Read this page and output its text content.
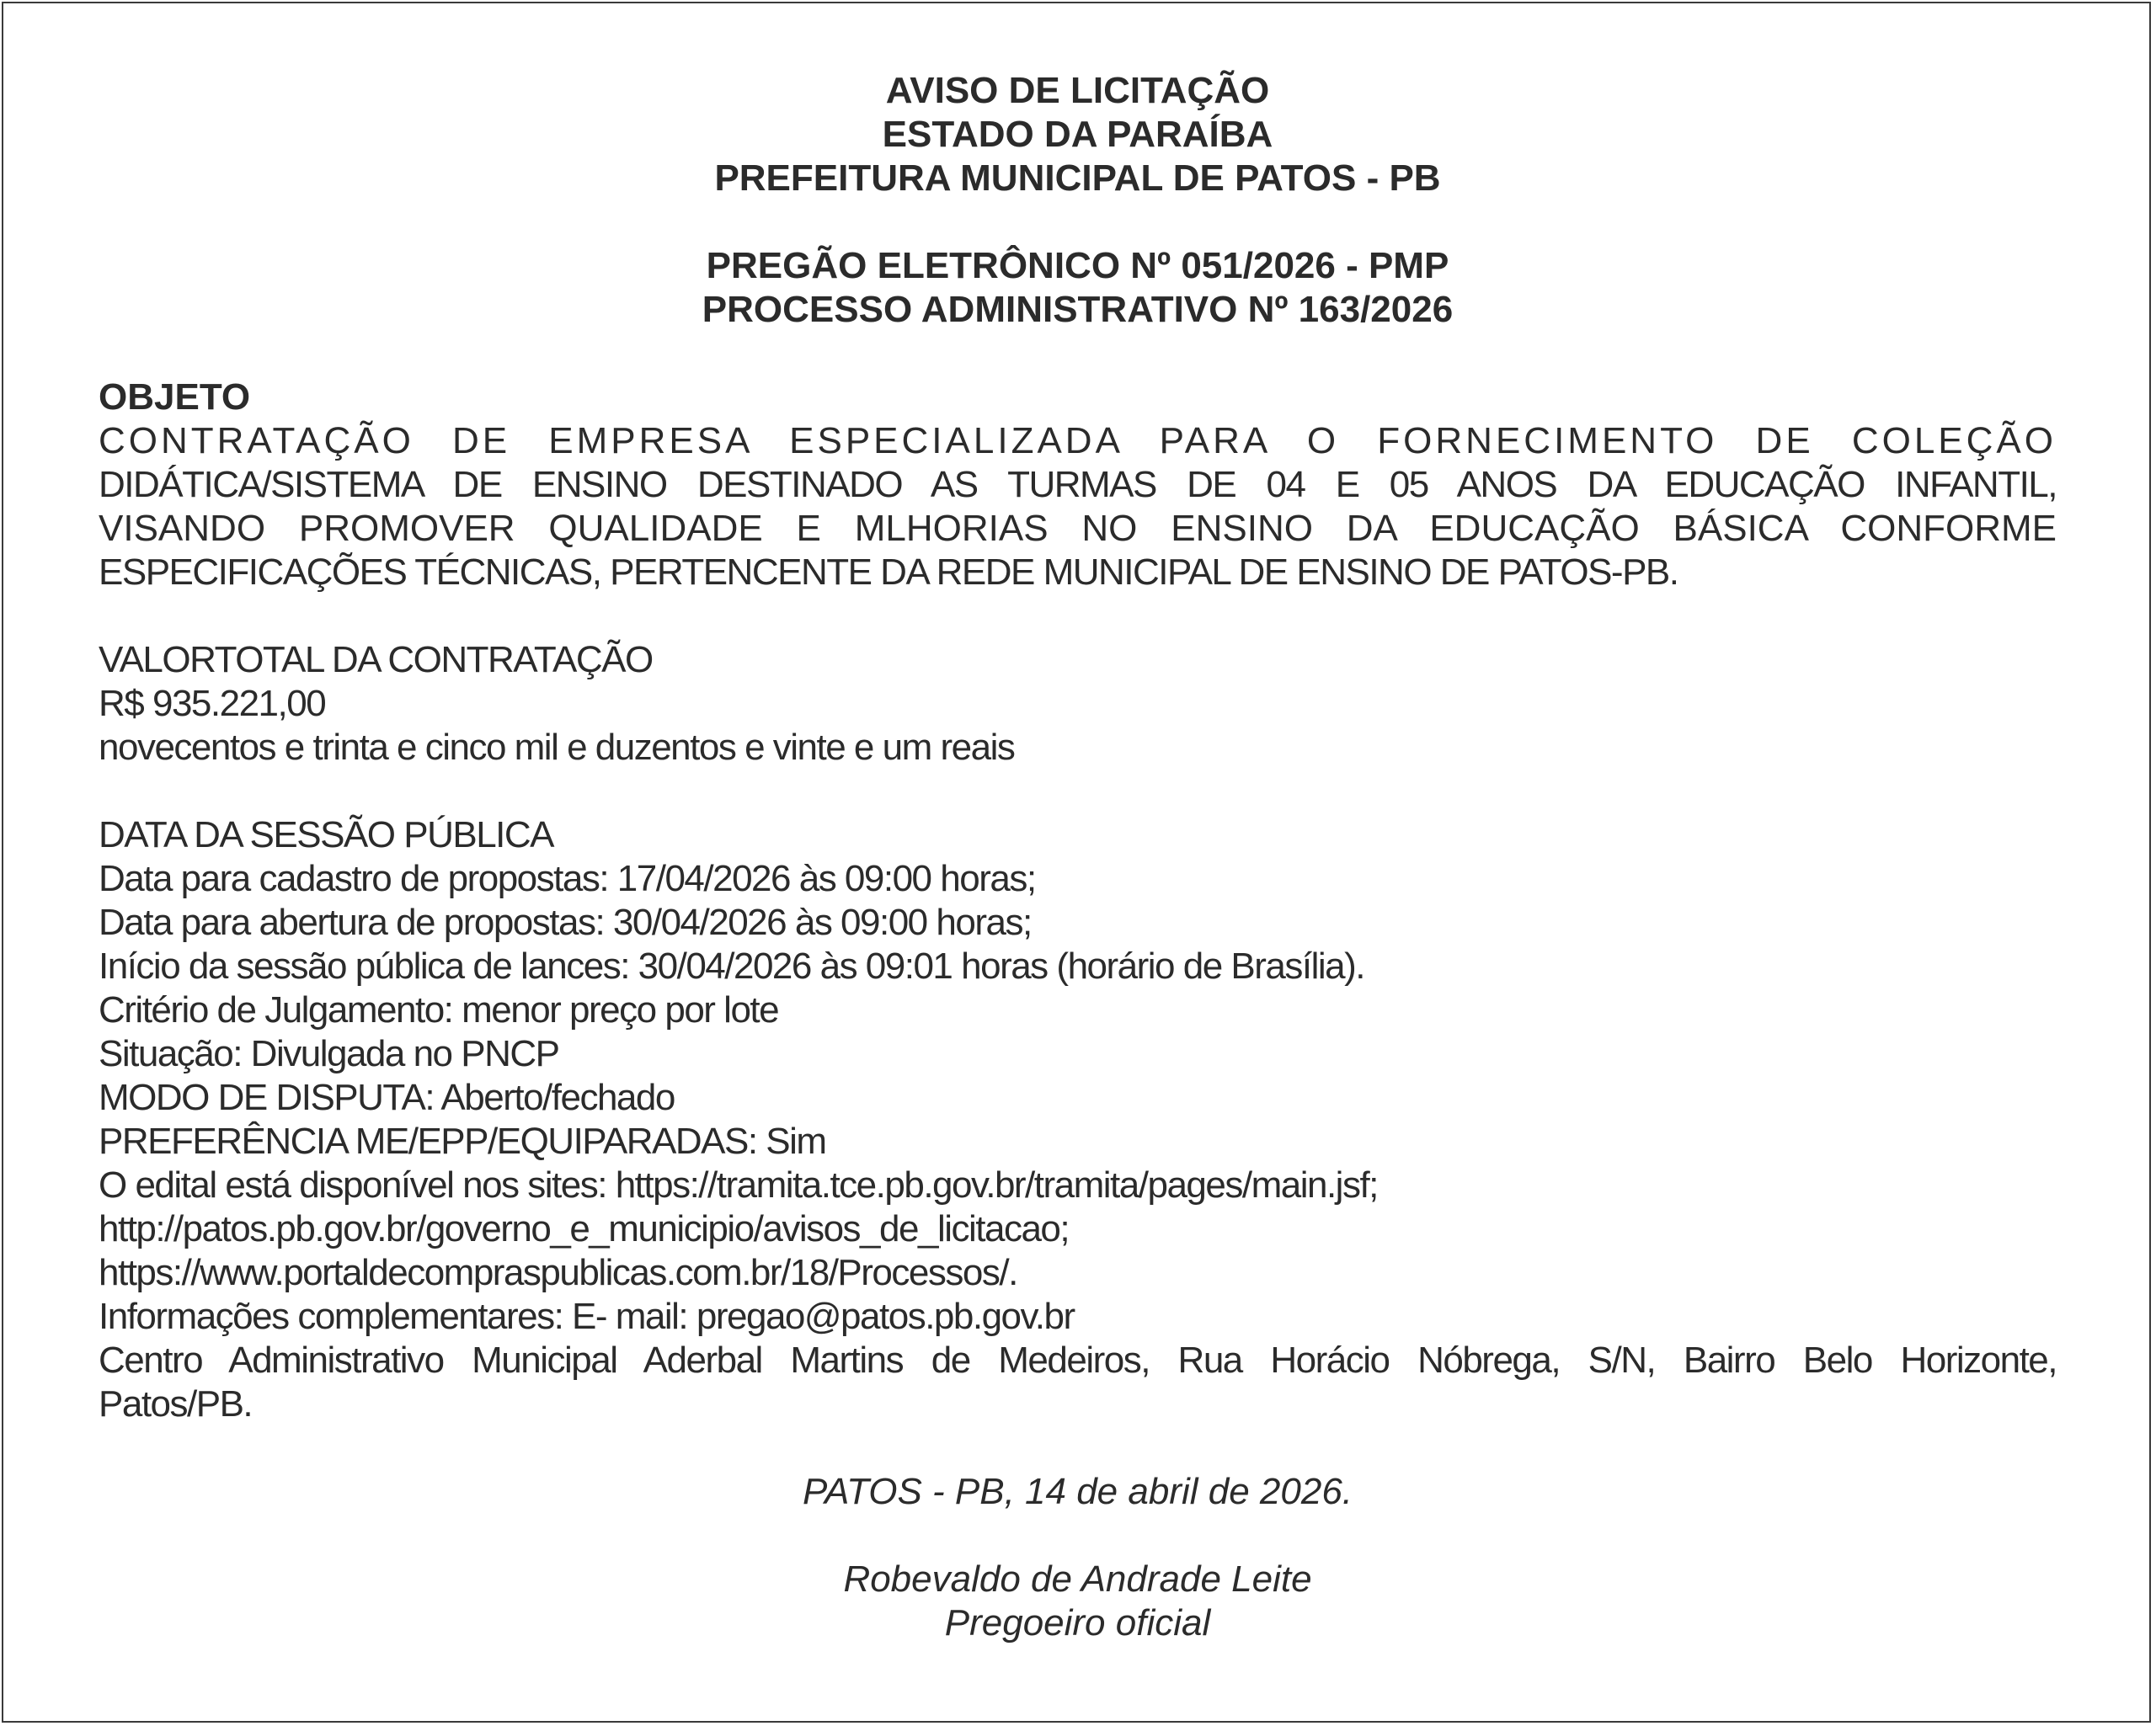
AVISO DE LICITAÇÃO
ESTADO DA PARAÍBA
PREFEITURA MUNICIPAL DE PATOS - PB
PREGÃO ELETRÔNICO Nº 051/2026 - PMP
PROCESSO ADMINISTRATIVO Nº 163/2026
OBJETO
CONTRATAÇÃO DE EMPRESA ESPECIALIZADA PARA O FORNECIMENTO DE COLEÇÃO
DIDÁTICA/SISTEMA DE ENSINO DESTINADO AS TURMAS DE 04 E 05 ANOS DA EDUCAÇÃO INFANTIL,
VISANDO PROMOVER QUALIDADE E MLHORIAS NO ENSINO DA EDUCAÇÃO BÁSICA CONFORME
ESPECIFICAÇÕES TÉCNICAS, PERTENCENTE DA REDE MUNICIPAL DE ENSINO DE PATOS-PB.
VALORTOTAL DA CONTRATAÇÃO
R$ 935.221,00
novecentos e trinta e cinco mil e duzentos e vinte e um reais
DATA DA SESSÃO PÚBLICA
Data para cadastro de propostas: 17/04/2026 às 09:00 horas;
Data para abertura de propostas: 30/04/2026 às 09:00 horas;
Início da sessão pública de lances: 30/04/2026 às 09:01 horas (horário de Brasília).
Critério de Julgamento: menor preço por lote
Situação: Divulgada no PNCP
MODO DE DISPUTA: Aberto/fechado
PREFERÊNCIA ME/EPP/EQUIPARADAS: Sim
O edital está disponível nos sites: https://tramita.tce.pb.gov.br/tramita/pages/main.jsf;
http://patos.pb.gov.br/governo_e_municipio/avisos_de_licitacao;
https://www.portaldecompraspublicas.com.br/18/Processos/.
Informações complementares: E- mail: pregao@patos.pb.gov.br
Centro Administrativo Municipal Aderbal Martins de Medeiros, Rua Horácio Nóbrega, S/N, Bairro Belo Horizonte,
Patos/PB.
PATOS - PB, 14 de abril de 2026.
Robevaldo de Andrade Leite
Pregoeiro oficial
